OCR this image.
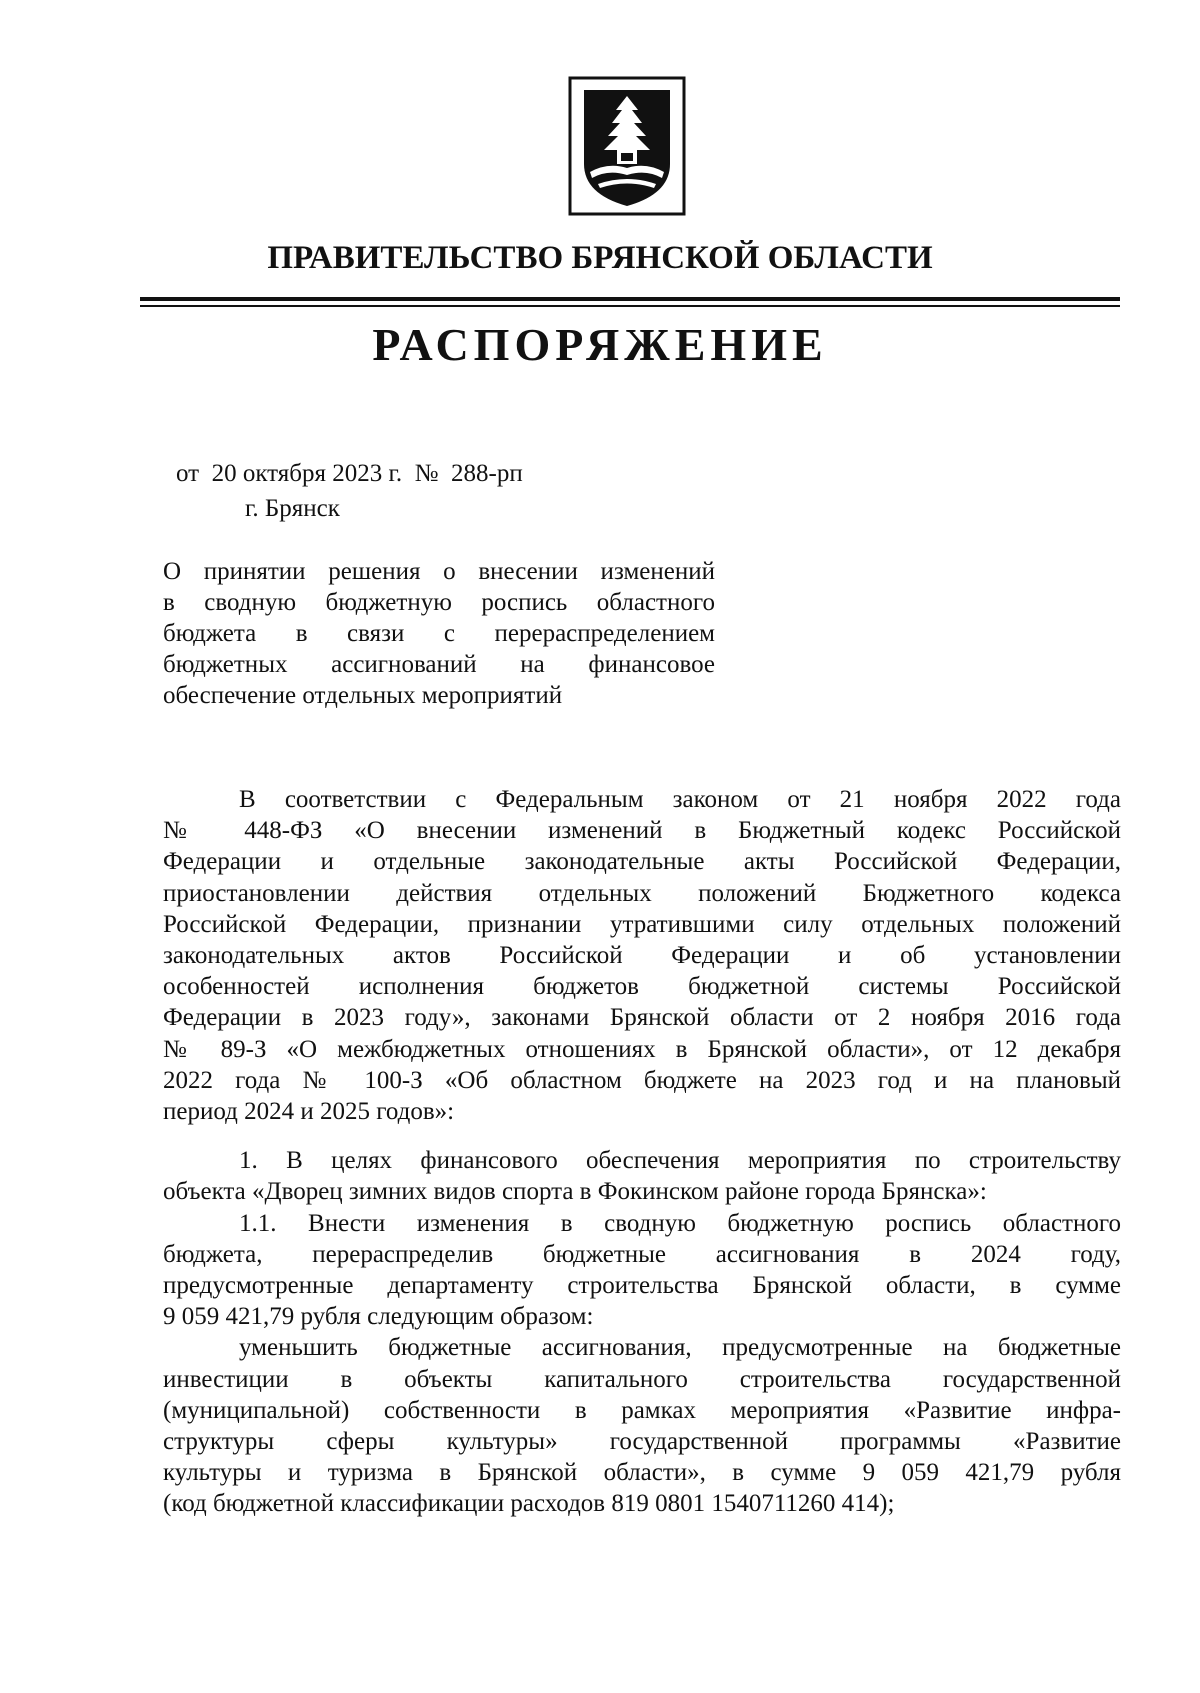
ПРАВИТЕЛЬСТВО БРЯНСКОЙ ОБЛАСТИ
РАСПОРЯЖЕНИЕ
от  20 октября 2023 г.  №  288-рп
г. Брянск
О принятии решения о внесении изменений
в сводную бюджетную роспись областного
бюджета в связи с перераспределением
бюджетных ассигнований на финансовое
обеспечение отдельных мероприятий
В соответствии с Федеральным законом от 21 ноября 2022 года
№ 448-ФЗ «О внесении изменений в Бюджетный кодекс Российской
Федерации и отдельные законодательные акты Российской Федерации,
приостановлении действия отдельных положений Бюджетного кодекса
Российской Федерации, признании утратившими силу отдельных положений
законодательных актов Российской Федерации и об установлении
особенностей исполнения бюджетов бюджетной системы Российской
Федерации в 2023 году», законами Брянской области от 2 ноября 2016 года
№ 89-З «О межбюджетных отношениях в Брянской области», от 12 декабря
2022 года № 100-З «Об областном бюджете на 2023 год и на плановый
период 2024 и 2025 годов»:
1. В целях финансового обеспечения мероприятия по строительству
объекта «Дворец зимних видов спорта в Фокинском районе города Брянска»:
1.1. Внести изменения в сводную бюджетную роспись областного
бюджета, перераспределив бюджетные ассигнования в 2024 году,
предусмотренные департаменту строительства Брянской области, в сумме
9 059 421,79 рубля следующим образом:
уменьшить бюджетные ассигнования, предусмотренные на бюджетные
инвестиции в объекты капитального строительства государственной
(муниципальной) собственности в рамках мероприятия «Развитие инфра-
структуры сферы культуры» государственной программы «Развитие
культуры и туризма в Брянской области», в сумме 9 059 421,79 рубля
(код бюджетной классификации расходов 819 0801 1540711260 414);
